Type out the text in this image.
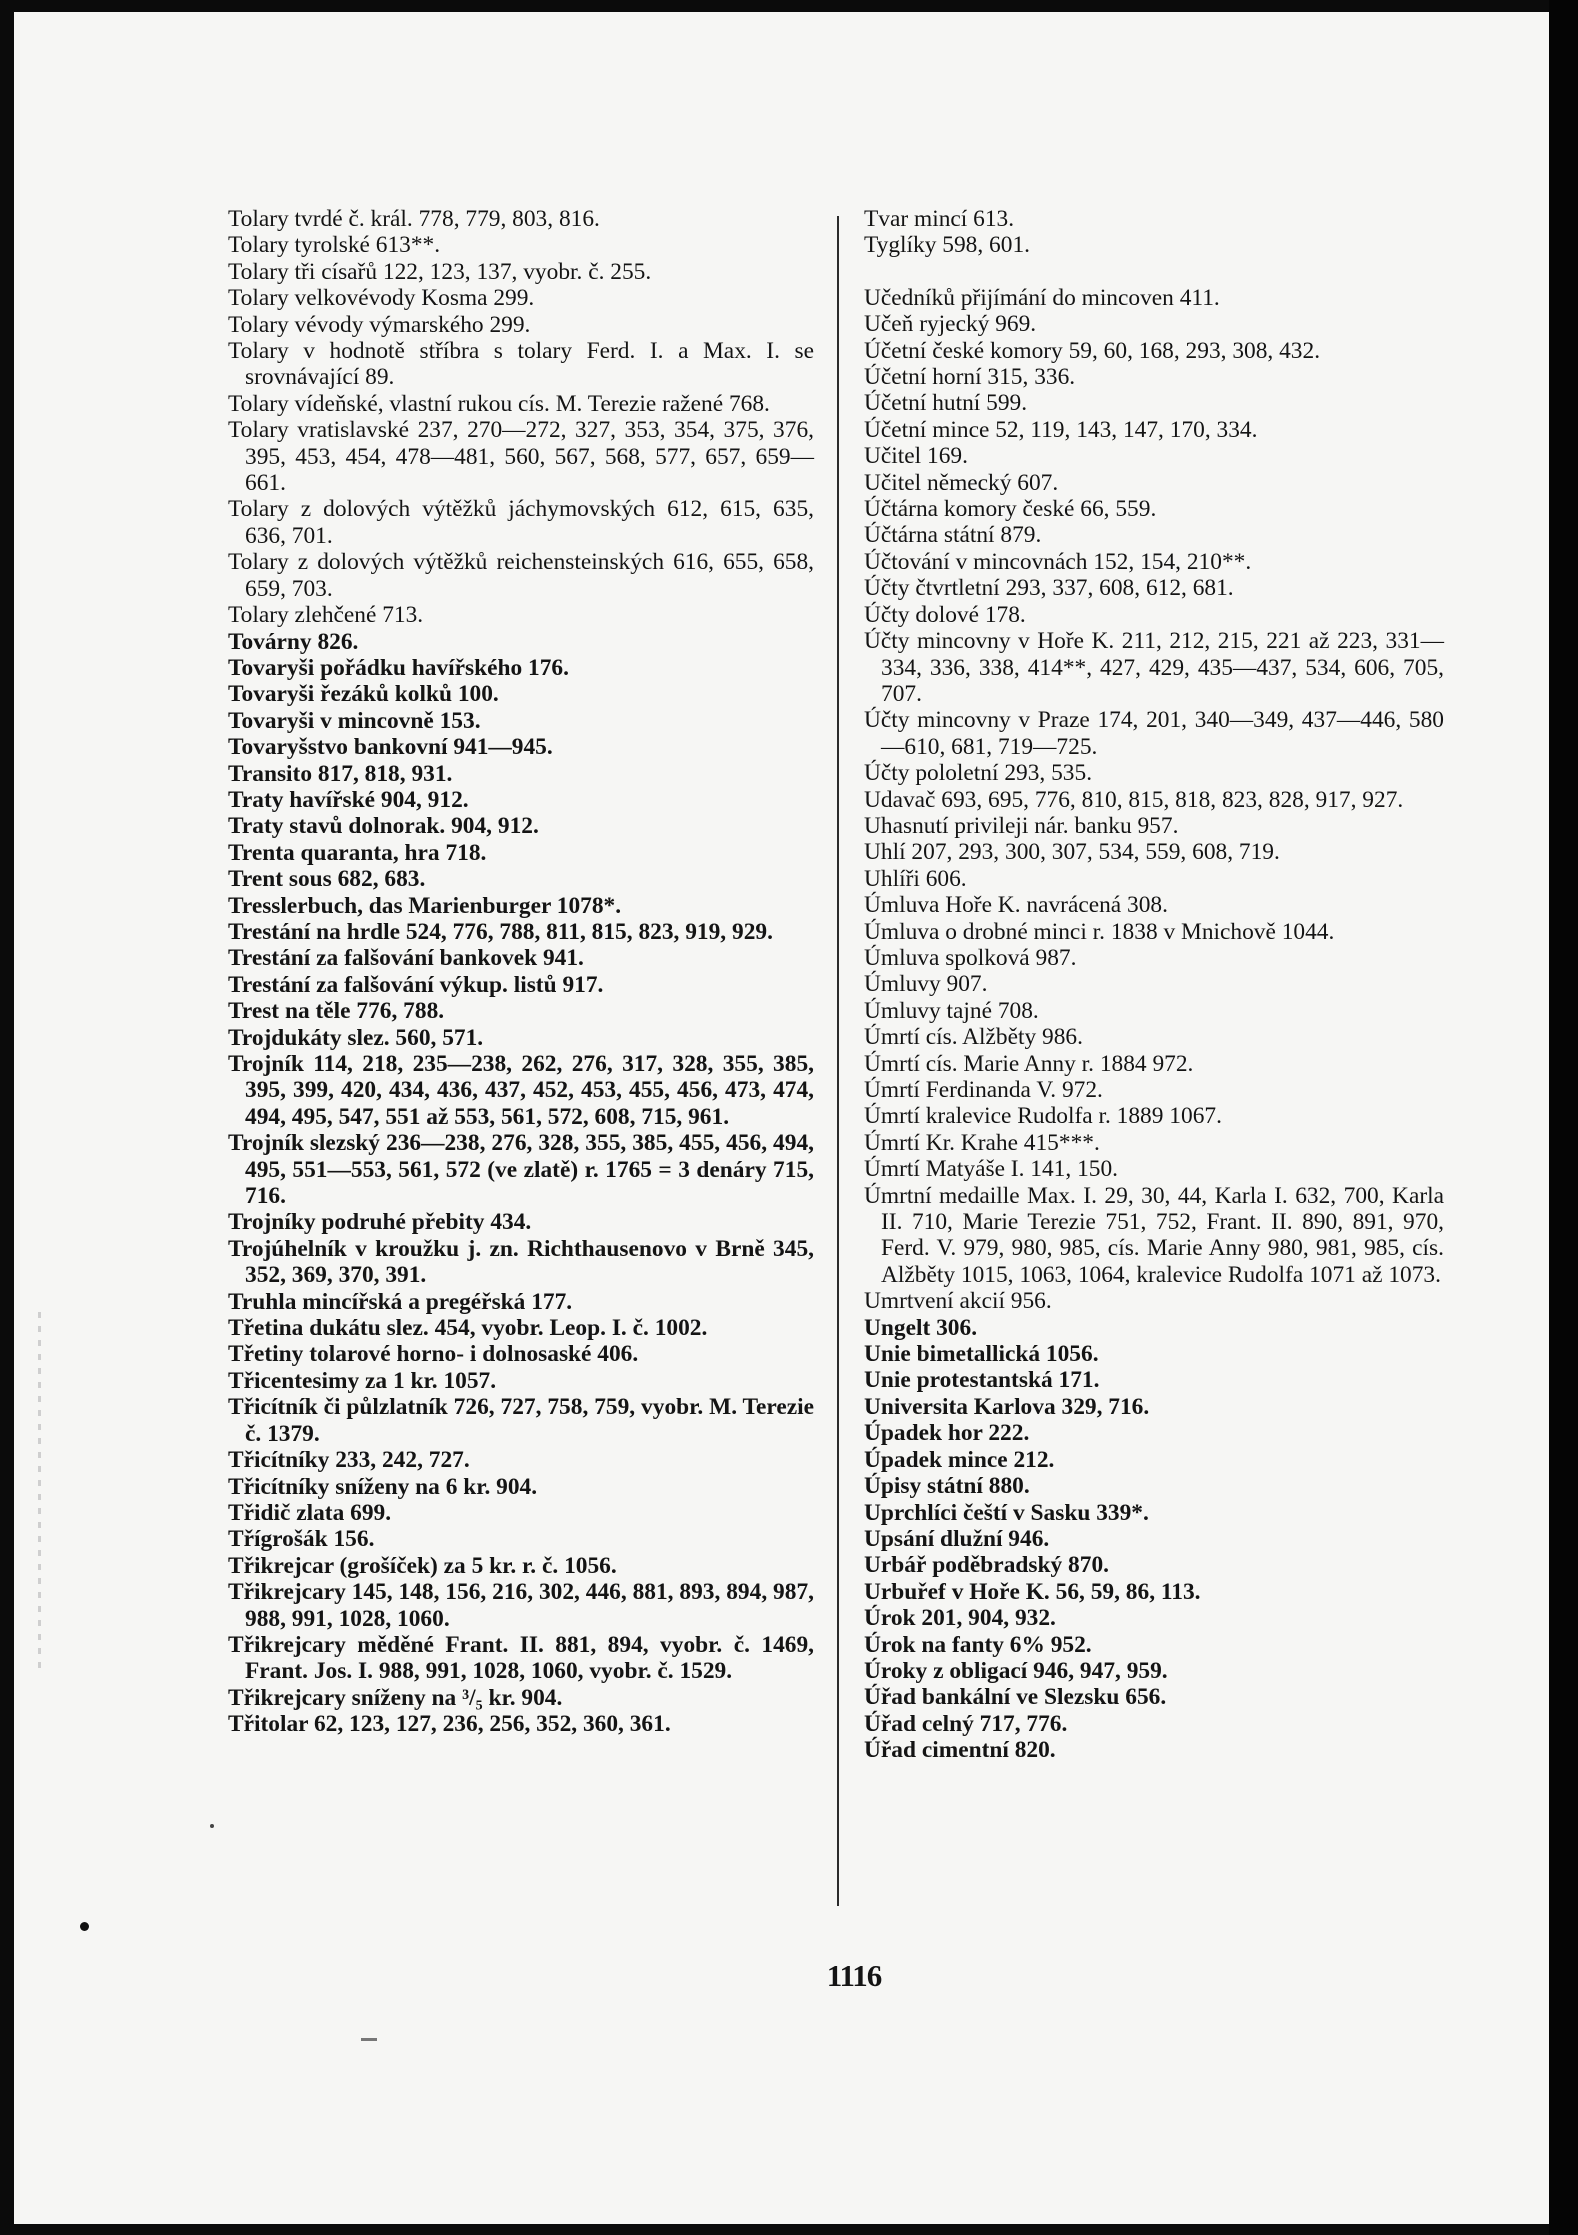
Tolary tvrdé č. král. 778, 779, 803, 816.
Tolary tyrolské 613**.
Tolary tři císařů 122, 123, 137, vyobr. č. 255.
Tolary velkovévody Kosma 299.
Tolary vévody výmarského 299.
Tolary v hodnotě stříbra s tolary Ferd. I. a Max. I. se srovnávající 89.
Tolary vídeňské, vlastní rukou cís. M. Terezie ražené 768.
Tolary vratislavské 237, 270—272, 327, 353, 354, 375, 376, 395, 453, 454, 478—481, 560, 567, 568, 577, 657, 659—661.
Tolary z dolových výtěžků jáchymovských 612, 615, 635, 636, 701.
Tolary z dolových výtěžků reichensteinských 616, 655, 658, 659, 703.
Tolary zlehčené 713.
Továrny 826.
Tovaryši pořádku havířského 176.
Tovaryši řezáků kolků 100.
Tovaryši v mincovně 153.
Tovaryšstvo bankovní 941—945.
Transito 817, 818, 931.
Traty havířské 904, 912.
Traty stavů dolnorak. 904, 912.
Trenta quaranta, hra 718.
Trent sous 682, 683.
Tresslerbuch, das Marienburger 1078*.
Trestání na hrdle 524, 776, 788, 811, 815, 823, 919, 929.
Trestání za falšování bankovek 941.
Trestání za falšování výkup. listů 917.
Trest na těle 776, 788.
Trojdukáty slez. 560, 571.
Trojník 114, 218, 235—238, 262, 276, 317, 328, 355, 385, 395, 399, 420, 434, 436, 437, 452, 453, 455, 456, 473, 474, 494, 495, 547, 551 až 553, 561, 572, 608, 715, 961.
Trojník slezský 236—238, 276, 328, 355, 385, 455, 456, 494, 495, 551—553, 561, 572 (ve zlatě) r. 1765 = 3 denáry 715, 716.
Trojníky podruhé přebity 434.
Trojúhelník v kroužku j. zn. Richthausenovo v Brně 345, 352, 369, 370, 391.
Truhla mincířská a pregéřská 177.
Třetina dukátu slez. 454, vyobr. Leop. I. č. 1002.
Třetiny tolarové horno- i dolnosaské 406.
Třicentesimy za 1 kr. 1057.
Třicítník či půlzlatník 726, 727, 758, 759, vyobr. M. Terezie č. 1379.
Třicítníky 233, 242, 727.
Třicítníky sníženy na 6 kr. 904.
Třidič zlata 699.
Třígrošák 156.
Třikrejcar (grošíček) za 5 kr. r. č. 1056.
Třikrejcary 145, 148, 156, 216, 302, 446, 881, 893, 894, 987, 988, 991, 1028, 1060.
Třikrejcary měděné Frant. II. 881, 894, vyobr. č. 1469, Frant. Jos. I. 988, 991, 1028, 1060, vyobr. č. 1529.
Třikrejcary sníženy na ³/₅ kr. 904.
Třitolar 62, 123, 127, 236, 256, 352, 360, 361.
Tvar mincí 613.
Tyglíky 598, 601.
Učedníků přijímání do mincoven 411.
Učeň ryjecký 969.
Účetní české komory 59, 60, 168, 293, 308, 432.
Účetní horní 315, 336.
Účetní hutní 599.
Účetní mince 52, 119, 143, 147, 170, 334.
Učitel 169.
Učitel německý 607.
Účtárna komory české 66, 559.
Účtárna státní 879.
Účtování v mincovnách 152, 154, 210**.
Účty čtvrtletní 293, 337, 608, 612, 681.
Účty dolové 178.
Účty mincovny v Hoře K. 211, 212, 215, 221 až 223, 331—334, 336, 338, 414**, 427, 429, 435—437, 534, 606, 705, 707.
Účty mincovny v Praze 174, 201, 340—349, 437—446, 580—610, 681, 719—725.
Účty pololetní 293, 535.
Udavač 693, 695, 776, 810, 815, 818, 823, 828, 917, 927.
Uhasnutí privileji nár. banku 957.
Uhlí 207, 293, 300, 307, 534, 559, 608, 719.
Uhlíři 606.
Úmluva Hoře K. navrácená 308.
Úmluva o drobné minci r. 1838 v Mnichově 1044.
Úmluva spolková 987.
Úmluvy 907.
Úmluvy tajné 708.
Úmrtí cís. Alžběty 986.
Úmrtí cís. Marie Anny r. 1884 972.
Úmrtí Ferdinanda V. 972.
Úmrtí kralevice Rudolfa r. 1889 1067.
Úmrtí Kr. Krahe 415***.
Úmrtí Matyáše I. 141, 150.
Úmrtní medaille Max. I. 29, 30, 44, Karla I. 632, 700, Karla II. 710, Marie Terezie 751, 752, Frant. II. 890, 891, 970, Ferd. V. 979, 980, 985, cís. Marie Anny 980, 981, 985, cís. Alžběty 1015, 1063, 1064, kralevice Rudolfa 1071 až 1073.
Umrtvení akcií 956.
Ungelt 306.
Unie bimetallická 1056.
Unie protestantská 171.
Universita Karlova 329, 716.
Úpadek hor 222.
Úpadek mince 212.
Úpisy státní 880.
Uprchlíci čeští v Sasku 339*.
Upsání dlužní 946.
Urbář poděbradský 870.
Urbuřef v Hoře K. 56, 59, 86, 113.
Úrok 201, 904, 932.
Úrok na fanty 6% 952.
Úroky z obligací 946, 947, 959.
Úřad bankální ve Slezsku 656.
Úřad celný 717, 776.
Úřad cimentní 820.
1116
